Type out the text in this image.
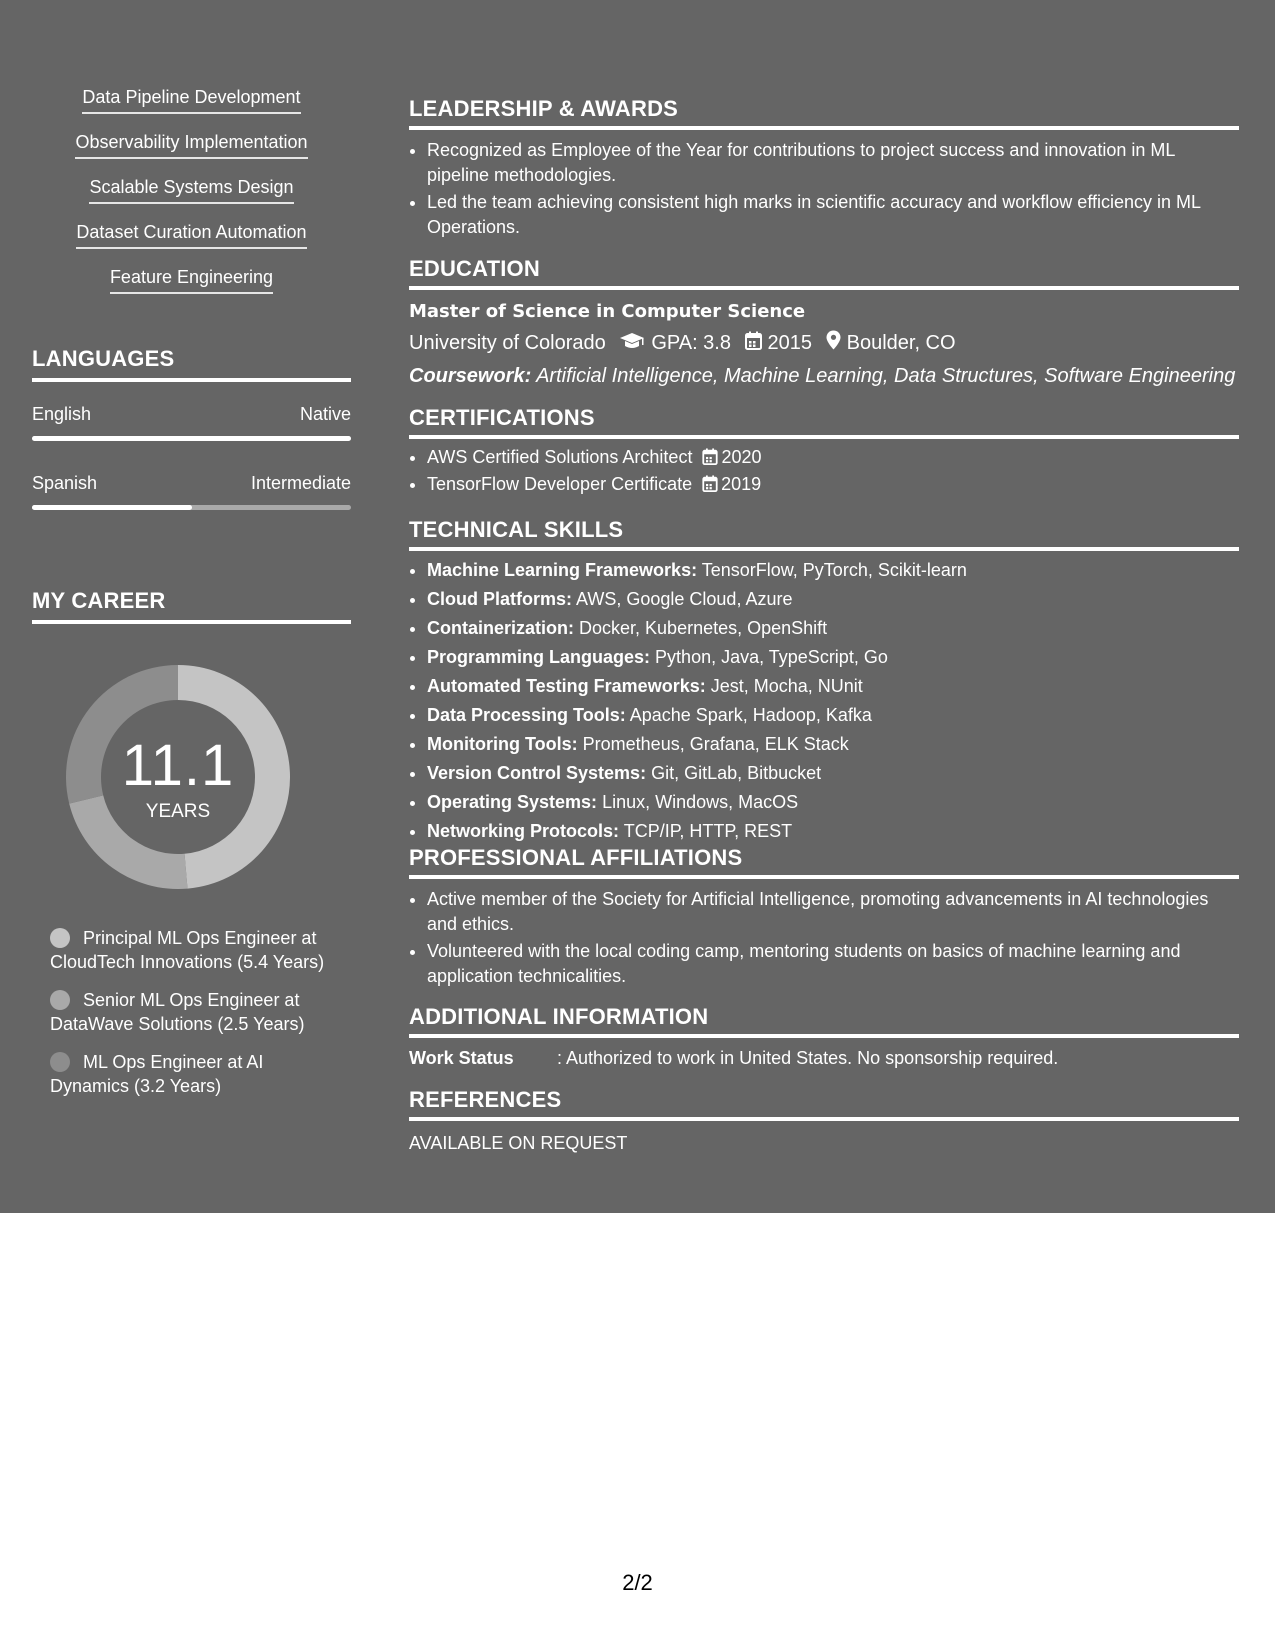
Data Pipeline Development
Observability Implementation
Scalable Systems Design
Dataset Curation Automation
Feature Engineering
LANGUAGES
English	Native
Spanish	Intermediate
MY CAREER
11.1
YEARS
Principal ML Ops Engineer at CloudTech Innovations (5.4 Years)
Senior ML Ops Engineer at DataWave Solutions (2.5 Years)
ML Ops Engineer at AI Dynamics (3.2 Years)
LEADERSHIP & AWARDS
• Recognized as Employee of the Year for contributions to project success and innovation in ML pipeline methodologies.
• Led the team achieving consistent high marks in scientific accuracy and workflow efficiency in ML Operations.
EDUCATION
Master of Science in Computer Science
University of Colorado GPA: 3.8 2015 Boulder, CO
Coursework: Artificial Intelligence, Machine Learning, Data Structures, Software Engineering
CERTIFICATIONS
• AWS Certified Solutions Architect 2020
• TensorFlow Developer Certificate 2019
TECHNICAL SKILLS
• Machine Learning Frameworks: TensorFlow, PyTorch, Scikit-learn
• Cloud Platforms: AWS, Google Cloud, Azure
• Containerization: Docker, Kubernetes, OpenShift
• Programming Languages: Python, Java, TypeScript, Go
• Automated Testing Frameworks: Jest, Mocha, NUnit
• Data Processing Tools: Apache Spark, Hadoop, Kafka
• Monitoring Tools: Prometheus, Grafana, ELK Stack
• Version Control Systems: Git, GitLab, Bitbucket
• Operating Systems: Linux, Windows, MacOS
• Networking Protocols: TCP/IP, HTTP, REST
PROFESSIONAL AFFILIATIONS
• Active member of the Society for Artificial Intelligence, promoting advancements in AI technologies and ethics.
• Volunteered with the local coding camp, mentoring students on basics of machine learning and application technicalities.
ADDITIONAL INFORMATION
Work Status : Authorized to work in United States. No sponsorship required.
REFERENCES
AVAILABLE ON REQUEST
2/2
